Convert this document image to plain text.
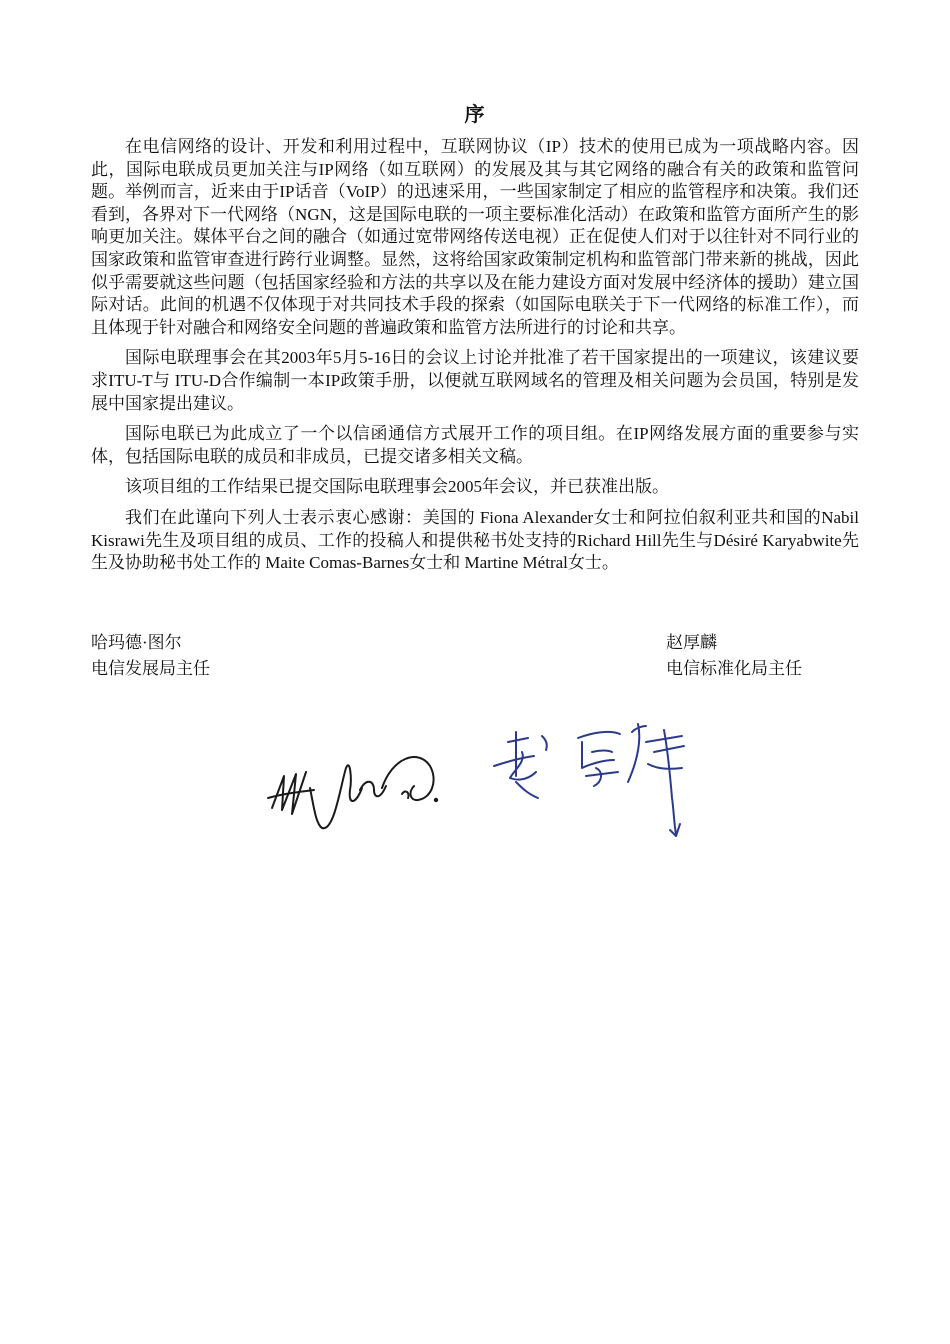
序

在电信网络的设计、开发和利用过程中，互联网协议（IP）技术的使用已成为一项战略内容。因此，国际电联成员更加关注与IP网络（如互联网）的发展及其与其它网络的融合有关的政策和监管问题。举例而言，近来由于IP话音（VoIP）的迅速采用，一些国家制定了相应的监管程序和决策。我们还看到，各界对下一代网络（NGN，这是国际电联的一项主要标准化活动）在政策和监管方面所产生的影响更加关注。媒体平台之间的融合（如通过宽带网络传送电视）正在促使人们对于以往针对不同行业的国家政策和监管审查进行跨行业调整。显然，这将给国家政策制定机构和监管部门带来新的挑战，因此似乎需要就这些问题（包括国家经验和方法的共享以及在能力建设方面对发展中经济体的援助）建立国际对话。此间的机遇不仅体现于对共同技术手段的探索（如国际电联关于下一代网络的标准工作），而且体现于针对融合和网络安全问题的普遍政策和监管方法所进行的讨论和共享。

国际电联理事会在其2003年5月5-16日的会议上讨论并批准了若干国家提出的一项建议，该建议要求ITU-T与 ITU-D合作编制一本IP政策手册，以便就互联网域名的管理及相关问题为会员国，特别是发展中国家提出建议。

国际电联已为此成立了一个以信函通信方式展开工作的项目组。在IP网络发展方面的重要参与实体，包括国际电联的成员和非成员，已提交诸多相关文稿。

该项目组的工作结果已提交国际电联理事会2005年会议，并已获准出版。

我们在此谨向下列人士表示衷心感谢：美国的 Fiona Alexander女士和阿拉伯叙利亚共和国的Nabil Kisrawi先生及项目组的成员、工作的投稿人和提供秘书处支持的Richard Hill先生与Désiré Karyabwite先生及协助秘书处工作的 Maite Comas-Barnes女士和 Martine Métral女士。

哈玛德·图尔
电信发展局主任
赵厚麟
电信标准化局主任
